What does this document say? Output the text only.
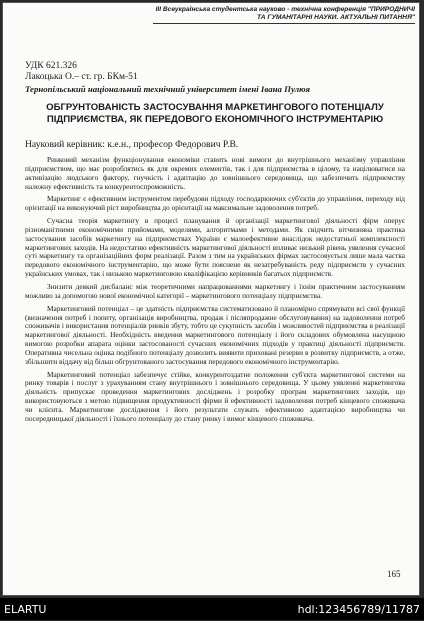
III Всеукраїнська студентська науково - технічна конференція "ПРИРОДНИЧІ ТА ГУМАНІТАРНІ НАУКИ. АКТУАЛЬНІ ПИТАННЯ"
УДК 621.326
Лакоцька О.– ст. гр. БКм-51
Тернопільський національний технічний університет імені Івана Пулюя
ОБГРУНТОВАНІСТЬ ЗАСТОСУВАННЯ МАРКЕТИНГОВОГО ПОТЕНЦІАЛУ ПІДПРИЄМСТВА, ЯК ПЕРЕДОВОГО ЕКОНОМІЧНОГО ІНСТРУМЕНТАРІЮ
Науковий керівник: к.е.н., професор Федорович Р.В.

Ринковий механізм функціонування економіки ставить нові вимоги до внутрішнього механізму управління підприємством, що має розроблятись як для окремих елементів, так і для підприємства в цілому, та націлюватися на активізацію людського фактору, гнучкість і адаптацію до зовнішнього середовища, що забезпечить підприємству належну ефективність та конкурентоспроможність.

Маркетинг є ефективним інструментом перебудови підходу господарюючих суб'єктів до управління, переходу від орієнтації на виконуючий ріст виробництва до орієнтації на максимальне задоволення потреб.

Сучасна теорія маркетингу в процесі планування й організації маркетингової діяльності фірм оперує різноманітними економічними прийомами, моделями, алгоритмами і методами. Як свідчить вітчизняна практика застосування засобів маркетингу на підприємствах України є малоефективне внаслідок недостатньої комплексності маркетингових заходів. На недостатню ефективність маркетингової діяльності впливає низький рівень уявлення сучасної суті маркетингу та організаційних форм реалізації. Разом з тим на українських фірмах застосовується лише мала частка передового економічного інструментарію, що може бути пояснене як незатребуваність реду підприємств у сучасних українських умовах, так і низькою маркетинговою кваліфікацією керівників багатьох підприємств.

Знизити деякий дисбаланс між теоретичними напрацюваннями маркетингу і їхнім практичним застосуванням можливо за допомогою нової економічної категорії – маркетингового потенціалу підприємства.

Маркетинговий потенціал – це здатність підприємства систематизовано й планомірно спрямувати всі свої функції (визначення потреб і попиту, організація виробництва, продаж і післяпродажне обслуговування) на задоволення потреб споживачів і використання потенціалів ринків збуту, тобто це сукупність засобів і можливостей підприємства в реалізації маркетингової діяльності. Необхідність введення маркетингового потенціалу і його складових обумовлена насущною вимогою розробки апарата оцінки застосованості сучасних економічних підходів у практиці діяльності підприємств. Оперативна чисельна оцінка подібного потенціалу дозволить виявити приховані резерви в розвитку підприємств, а отже, збільшити віддачу від більш обгрунтованого застосування передового економічного інструментарію.

Маркетинговий потенціал забезпечує стійке, конкурентоздатне положення суб'єкта маркетингової системи на ринку товарів і послуг з урахуванням стану внутрішнього і зовнішнього середовища. У цьому уявленні маркетингова діяльність припускає проведення маркетингових досліджень і розробку програм маркетингових заходів, що використовуються з метою підвищення продуктивності фірми й ефективності задоволення потреб кінцевого споживача чи клієнта. Маркетингове дослідження і його результати служать ефективною адаптацією виробництва чи посередницької діяльності і їхнього потенціалу до стану ринку і вимог кінцевого споживача.

165
ELARTU	hdl:123456789/11787
